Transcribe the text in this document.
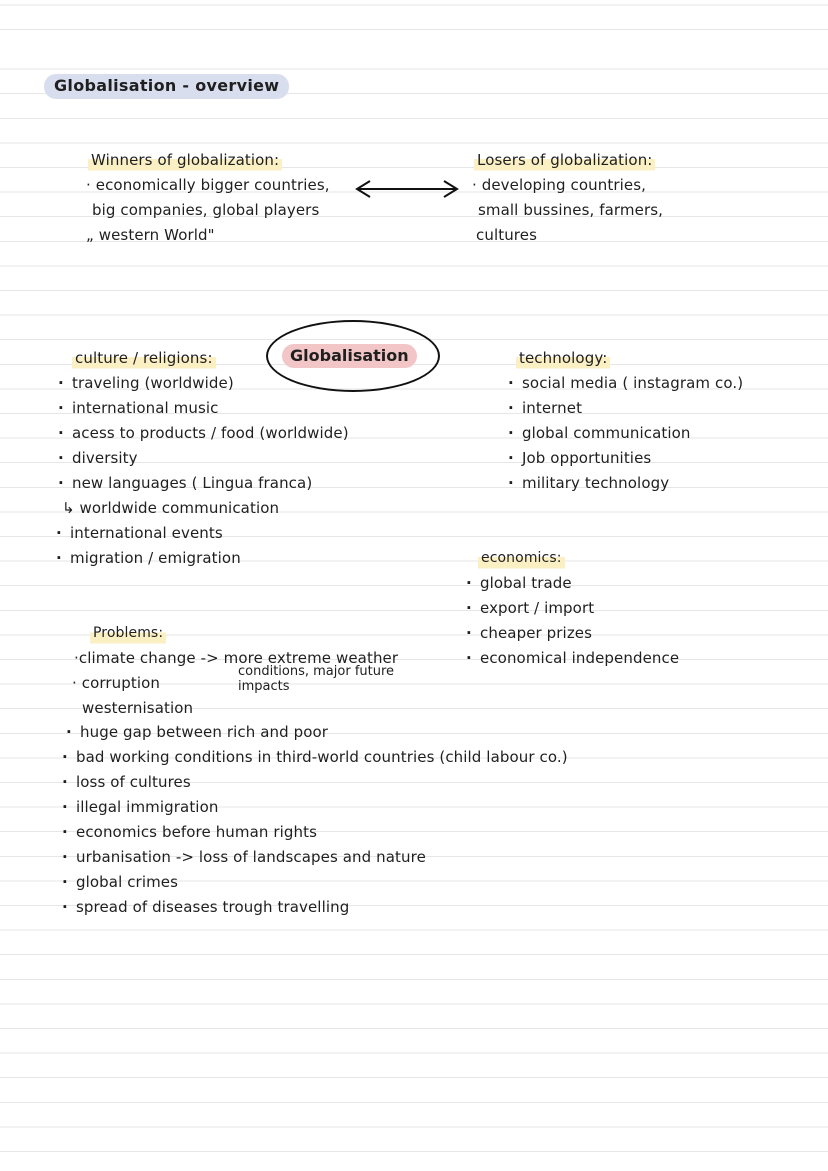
Globalisation - overview
Winners of globalization:
· economically bigger countries,
big companies, global players
„ western World"
Losers of globalization:
· developing countries,
small bussines, farmers,
cultures
Globalisation
culture / religions:
· traveling (worldwide)
· international music
· acess to products / food (worldwide)
· diversity
· new languages ( Lingua franca)
↳ worldwide communication
· international events
· migration / emigration
technology:
· social media ( instagram co.)
· internet
· global communication
· Job opportunities
· military technology
economics:
· global trade
· export / import
· cheaper prizes
· economical independence
Problems:
·climate change -> more extreme weather
conditions, major future
impacts
· corruption
westernisation
· huge gap between rich and poor
· bad working conditions in third-world countries (child labour co.)
· loss of cultures
· illegal immigration
· economics before human rights
· urbanisation -> loss of landscapes and nature
· global crimes
· spread of diseases trough travelling
